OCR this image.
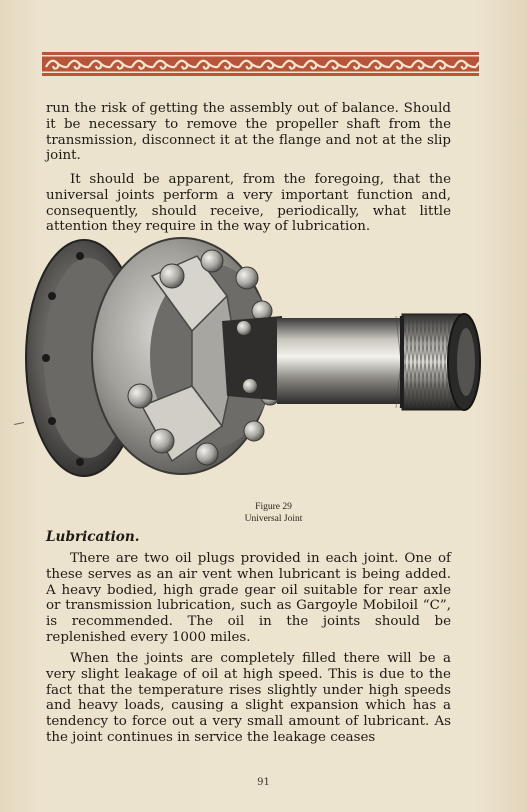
run the risk of getting the assembly out of balance. Should it be necessary to remove the propeller shaft from the transmission, disconnect it at the flange and not at the slip joint.
It should be apparent, from the foregoing, that the universal joints perform a very important function and, consequently, should receive, periodically, what little attention they require in the way of lubrication.
Figure 29
Universal Joint
Lubrication.
There are two oil plugs provided in each joint. One of these serves as an air vent when lubricant is being added. A heavy bodied, high grade gear oil suitable for rear axle or transmission lubrication, such as Gargoyle Mobiloil “C”, is recommended. The oil in the joints should be replenished every 1000 miles.
When the joints are completely filled there will be a very slight leakage of oil at high speed. This is due to the fact that the temperature rises slightly under high speeds and heavy loads, causing a slight expansion which has a tendency to force out a very small amount of lubricant. As the joint continues in service the leakage ceases
91
